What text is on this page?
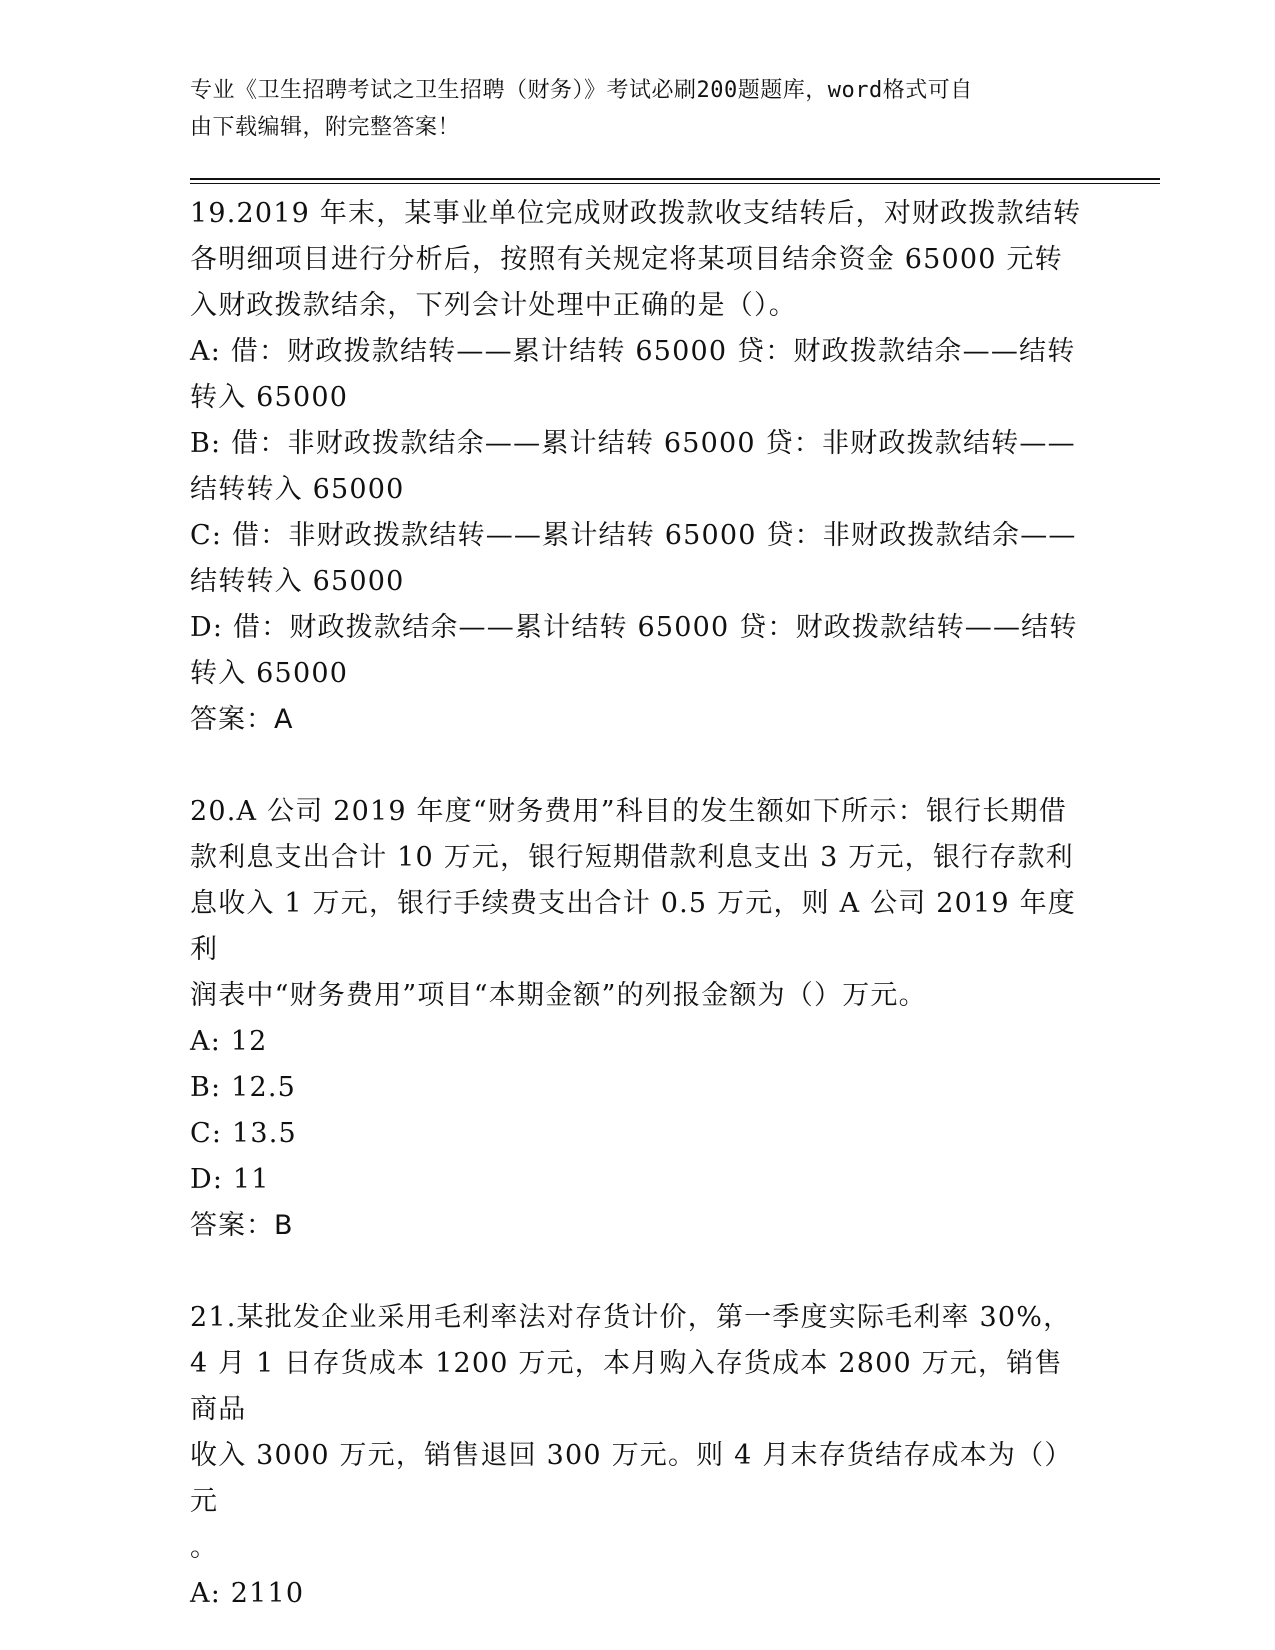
专业《卫生招聘考试之卫生招聘（财务）》考试必刷200题题库，word格式可自
由下载编辑，附完整答案！

19.2019 年末，某事业单位完成财政拨款收支结转后，对财政拨款结转

各明细项目进行分析后，按照有关规定将某项目结余资金 65000 元转

入财政拨款结余，下列会计处理中正确的是（）。

A: 借：财政拨款结转——累计结转 65000 贷：财政拨款结余——结转

转入 65000

B: 借：非财政拨款结余——累计结转 65000 贷：非财政拨款结转——

结转转入 65000

C: 借：非财政拨款结转——累计结转 65000 贷：非财政拨款结余——

结转转入 65000

D: 借：财政拨款结余——累计结转 65000 贷：财政拨款结转——结转

转入 65000

答案：A

20.A 公司 2019 年度“财务费用”科目的发生额如下所示：银行长期借

款利息支出合计 10 万元，银行短期借款利息支出 3 万元，银行存款利

息收入 1 万元，银行手续费支出合计 0.5 万元，则 A 公司 2019 年度利

润表中“财务费用”项目“本期金额”的列报金额为（）万元。

A: 12

B: 12.5

C: 13.5

D: 11

答案：B

21.某批发企业采用毛利率法对存货计价，第一季度实际毛利率 30%，

4 月 1 日存货成本 1200 万元，本月购入存货成本 2800 万元，销售商品

收入 3000 万元，销售退回 300 万元。则 4 月末存货结存成本为（）元

。

A: 2110
